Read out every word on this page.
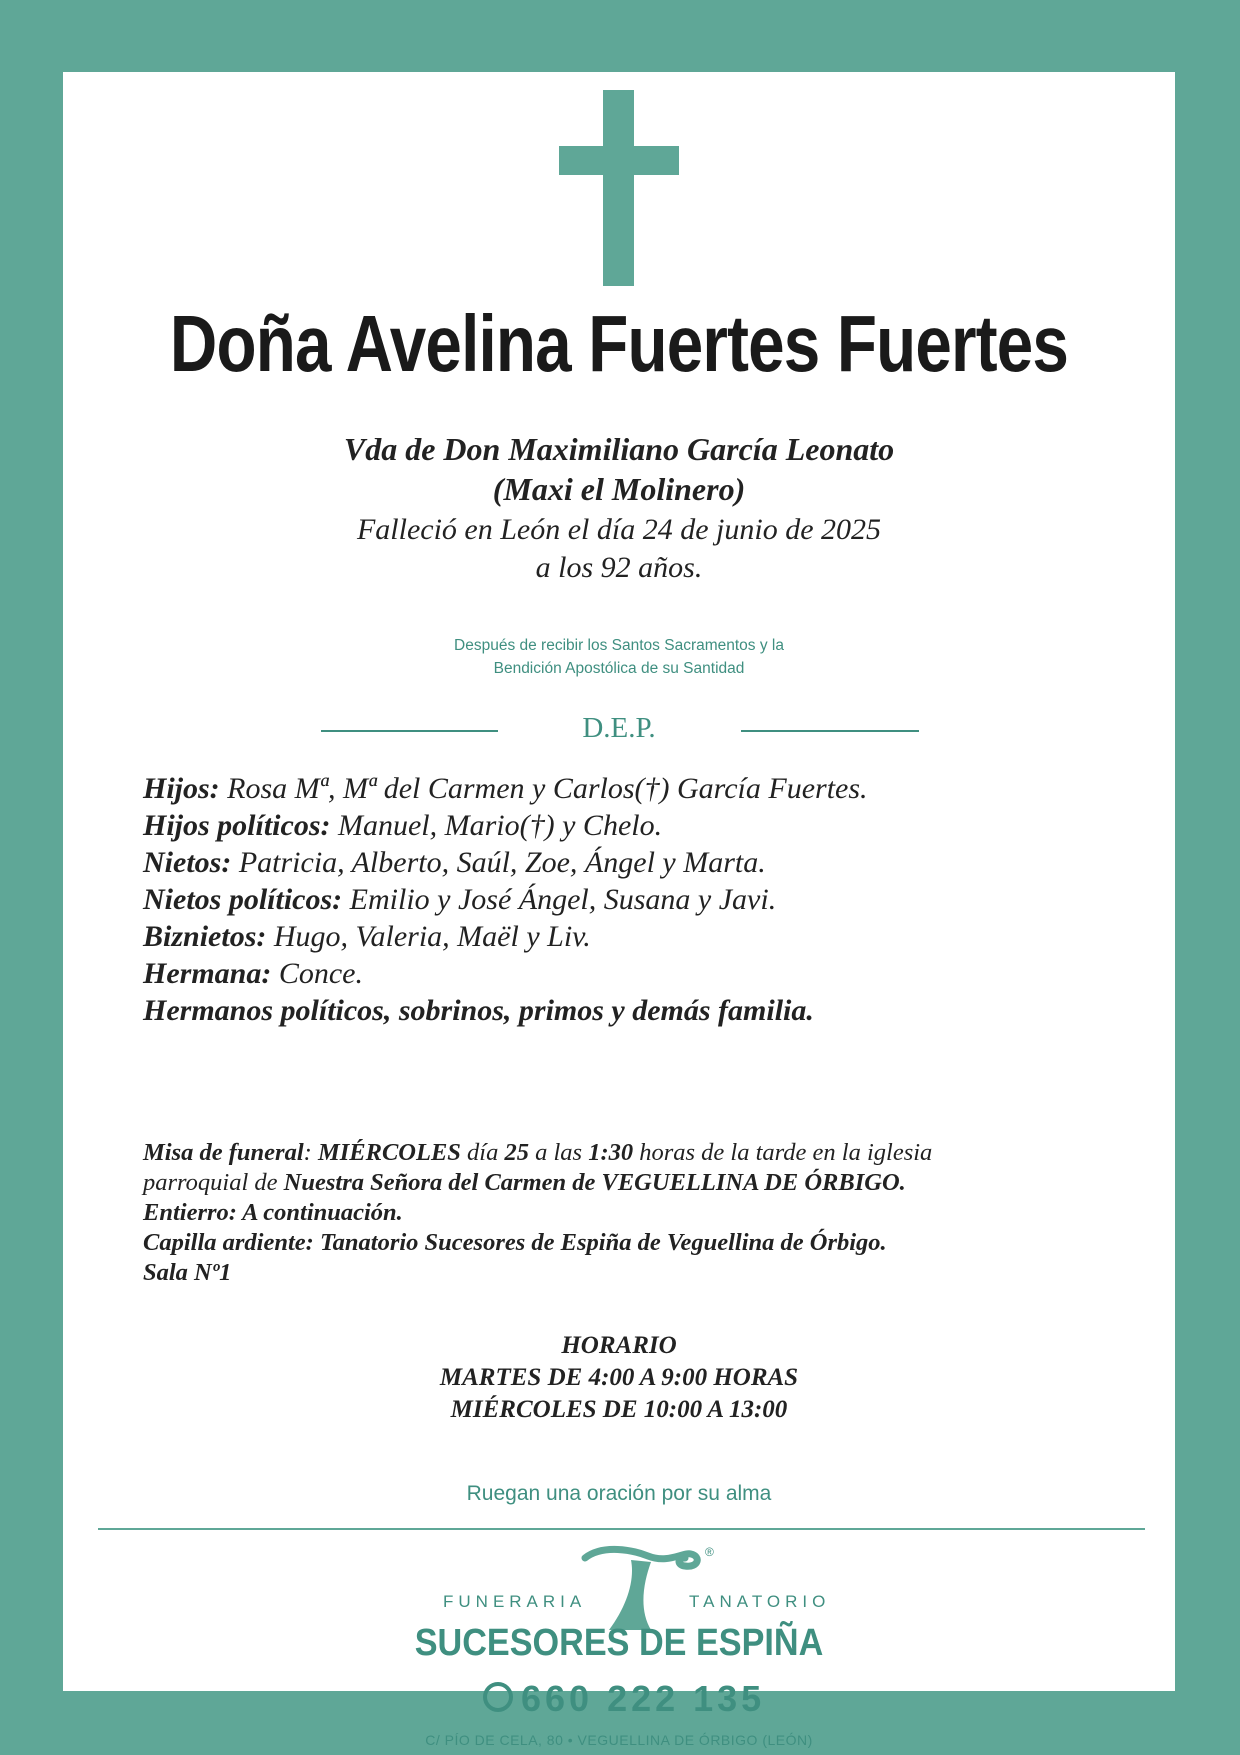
Doña Avelina Fuertes Fuertes
Vda de Don Maximiliano García Leonato
(Maxi el Molinero)
Falleció en León el día 24 de junio de 2025
a los 92 años.
Después de recibir los Santos Sacramentos y la
Bendición Apostólica de su Santidad
D.E.P.
Hijos: Rosa Mª, Mª del Carmen y Carlos(†) García Fuertes.
Hijos políticos: Manuel, Mario(†) y Chelo.
Nietos: Patricia, Alberto, Saúl, Zoe, Ángel y Marta.
Nietos políticos: Emilio y José Ángel, Susana y Javi.
Biznietos: Hugo, Valeria, Maël y Liv.
Hermana: Conce.
Hermanos políticos, sobrinos, primos y demás familia.
Misa de funeral: MIÉRCOLES día 25 a las 1:30 horas de la tarde en la iglesia
parroquial de Nuestra Señora del Carmen de VEGUELLINA DE ÓRBIGO.
Entierro: A continuación.
Capilla ardiente: Tanatorio Sucesores de Espiña de Veguellina de Órbigo.
Sala Nº1
HORARIO
MARTES DE 4:00 A 9:00 HORAS
MIÉRCOLES DE 10:00 A 13:00
Ruegan una oración por su alma
®
FUNERARIA	TANATORIO
SUCESORES DE ESPIÑA
660 222 135
C/ PÍO DE CELA, 80 • VEGUELLINA DE ÓRBIGO (LEÓN)
